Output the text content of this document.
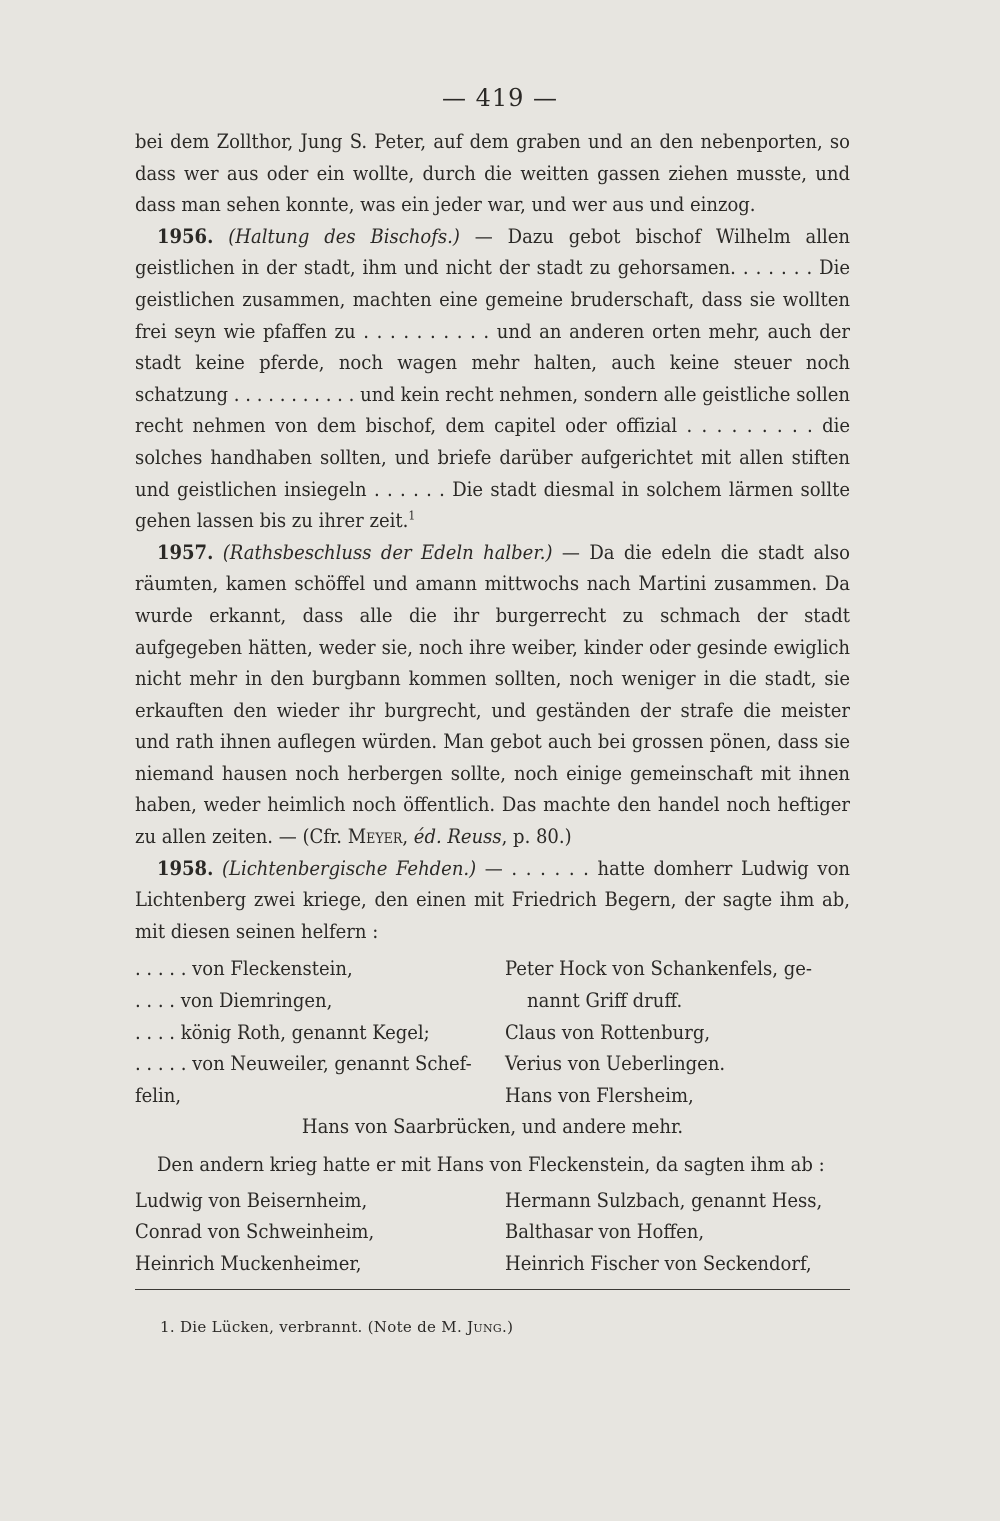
— 419 —

bei dem Zollthor, Jung S. Peter, auf dem graben und an den nebenporten, so dass wer aus oder ein wollte, durch die weitten gassen ziehen musste, und dass man sehen konnte, was ein jeder war, und wer aus und einzog.

1956. (Haltung des Bischofs.) — Dazu gebot bischof Wilhelm allen geistlichen in der stadt, ihm und nicht der stadt zu gehorsamen. . . . . . . Die geistlichen zusammen, machten eine gemeine bruderschaft, dass sie wollten frei seyn wie pfaffen zu . . . . . . . . . . und an anderen orten mehr, auch der stadt keine pferde, noch wagen mehr halten, auch keine steuer noch schatzung . . . . . . . . . . . und kein recht nehmen, sondern alle geistliche sollen recht nehmen von dem bischof, dem capitel oder offizial . . . . . . . . . die solches handhaben sollten, und briefe darüber aufgerichtet mit allen stiften und geistlichen insiegeln . . . . . . Die stadt diesmal in solchem lärmen sollte gehen lassen bis zu ihrer zeit.$^1$

1957. (Rathsbeschluss der Edeln halber.) — Da die edeln die stadt also räumten, kamen schöffel und amann mittwochs nach Martini zusammen. Da wurde erkannt, dass alle die ihr burgerrecht zu schmach der stadt aufgegeben hätten, weder sie, noch ihre weiber, kinder oder gesinde ewiglich nicht mehr in den burgbann kommen sollten, noch weniger in die stadt, sie erkauften den wieder ihr burgrecht, und geständen der strafe die meister und rath ihnen auflegen würden. Man gebot auch bei grossen pönen, dass sie niemand hausen noch herbergen sollte, noch einige gemeinschaft mit ihnen haben, weder heimlich noch öffentlich. Das machte den handel noch heftiger zu allen zeiten. — (Cfr. Meyer, éd. Reuss, p. 80.)

1958. (Lichtenbergische Fehden.) — . . . . . . hatte domherr Ludwig von Lichtenberg zwei kriege, den einen mit Friedrich Begern, der sagte ihm ab, mit diesen seinen helfern :

. . . . . von Fleckenstein,
. . . . von Diemringen,
. . . . könig Roth, genannt Kegel;
. . . . . von Neuweiler, genannt Schef-
felin,
Peter Hock von Schankenfels, ge-
nannt Griff druff.
Claus von Rottenburg,
Verius von Ueberlingen.
Hans von Flersheim,

Hans von Saarbrücken, und andere mehr.

Den andern krieg hatte er mit Hans von Fleckenstein, da sagten ihm ab :

Ludwig von Beisernheim,
Conrad von Schweinheim,
Heinrich Muckenheimer,
Hermann Sulzbach, genannt Hess,
Balthasar von Hoffen,
Heinrich Fischer von Seckendorf,
1. Die Lücken, verbrannt. (Note de M. Jung.)
